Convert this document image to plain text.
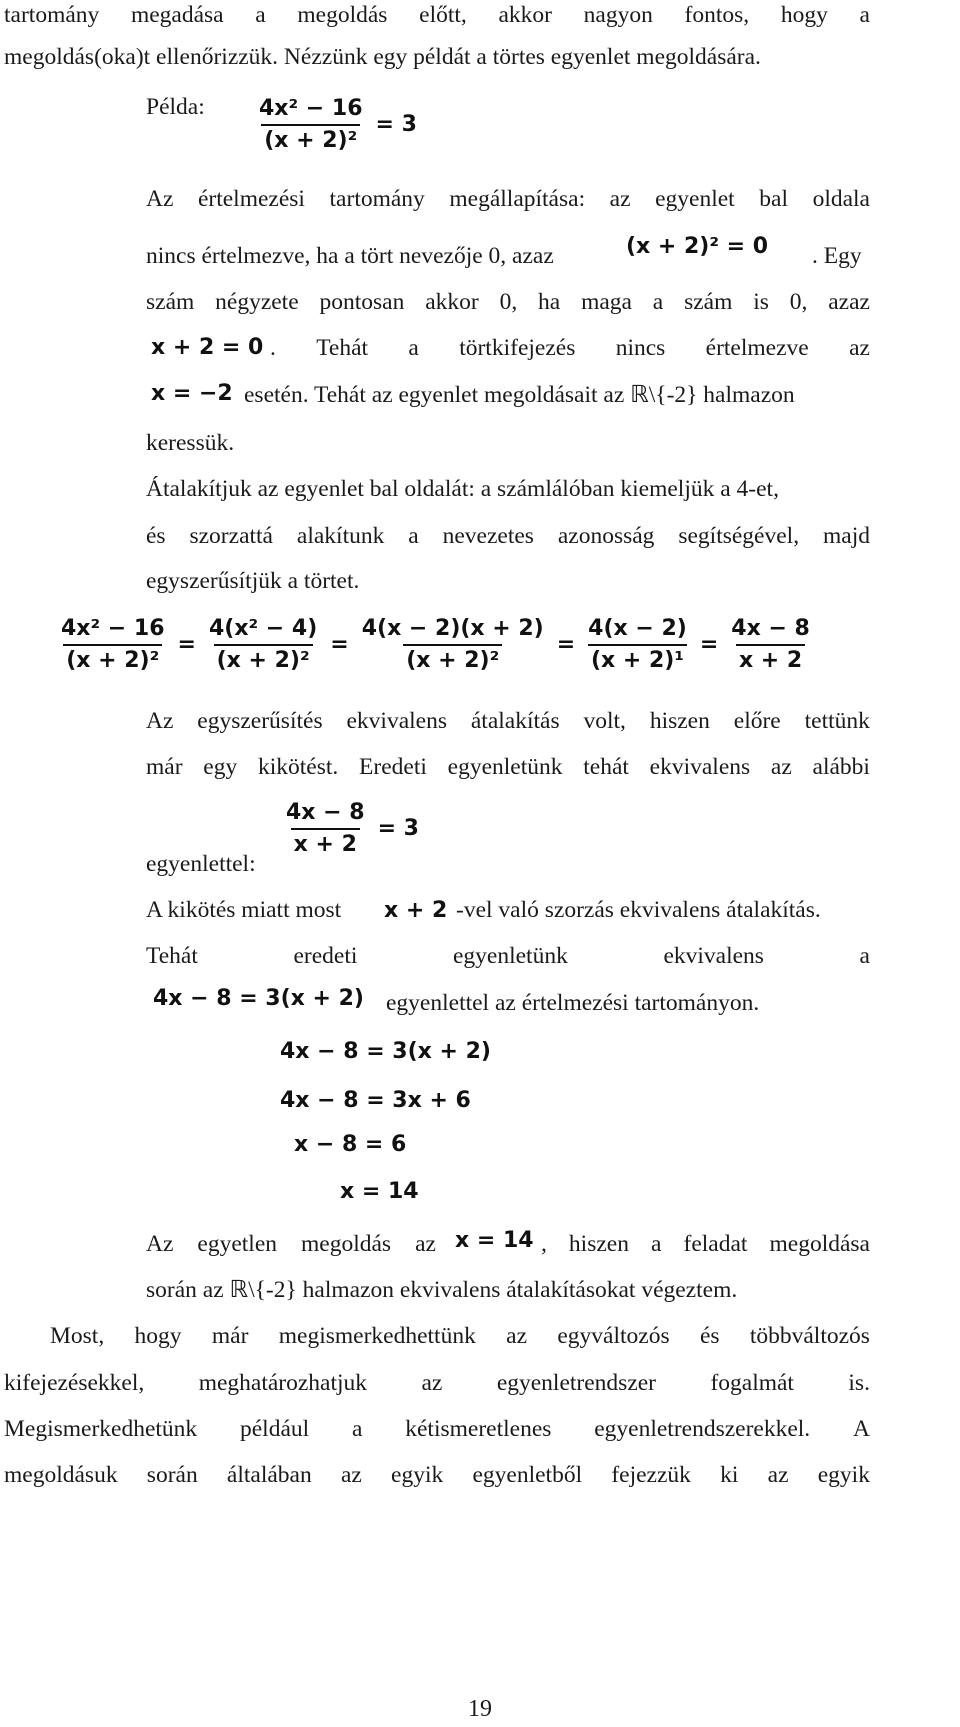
tartomány megadása a megoldás előtt, akkor nagyon fontos, hogy a
megoldás(oka)t ellenőrizzük. Nézzünk egy példát a törtes egyenlet megoldására.
Példa: $\frac{\text{4x² − 16}}{\text{(x + 2)²}} = 3$
Az értelmezési tartomány megállapítása: az egyenlet bal oldala
nincs értelmezve, ha a tört nevezője 0, azaz	(x + 2)² = 0 . Egy
szám négyzete pontosan akkor 0, ha maga a szám is 0, azaz
x + 2 = 0 . Tehát a törtkifejezés nincs értelmezve az
x = −2 esetén. Tehát az egyenlet megoldásait az ℝ\{-2} halmazon
keressük.
Átalakítjuk az egyenlet bal oldalát: a számlálóban kiemeljük a 4-et,
és szorzattá alakítunk a nevezetes azonosság segítségével, majd
egyszerűsítjük a törtet.
$\frac{\text{4x² − 16}}{\text{(x + 2)²}} = \frac{\text{4(x² − 4)}}{\text{(x + 2)²}} = \frac{4(x - 2)(x + 2)}{\text{(x + 2)²}} = \frac{4(x - 2)}{\text{(x + 2)¹}} = \frac{4x - 8}{x + 2}$
Az egyszerűsítés ekvivalens átalakítás volt, hiszen előre tettünk
már egy kikötést. Eredeti egyenletünk tehát ekvivalens az alábbi
$\frac{4x - 8}{x + 2} = 3$
egyenlettel:
A kikötés miatt most x + 2 -vel való szorzás ekvivalens átalakítás.
Tehát	eredeti	egyenletünk	ekvivalens	a
4x − 8 = 3(x + 2) egyenlettel az értelmezési tartományon.
4x − 8 = 3(x + 2)
4x − 8 = 3x + 6
x − 8 = 6
x = 14
Az egyetlen megoldás az x = 14 , hiszen a feladat megoldása
során az ℝ\{-2} halmazon ekvivalens átalakításokat végeztem.
Most, hogy már megismerkedhettünk az egyváltozós és többváltozós
kifejezésekkel, meghatározhatjuk az egyenletrendszer fogalmát is.
Megismerkedhetünk például a kétismeretlenes egyenletrendszerekkel. A
megoldásuk során általában az egyik egyenletből fejezzük ki az egyik
19
